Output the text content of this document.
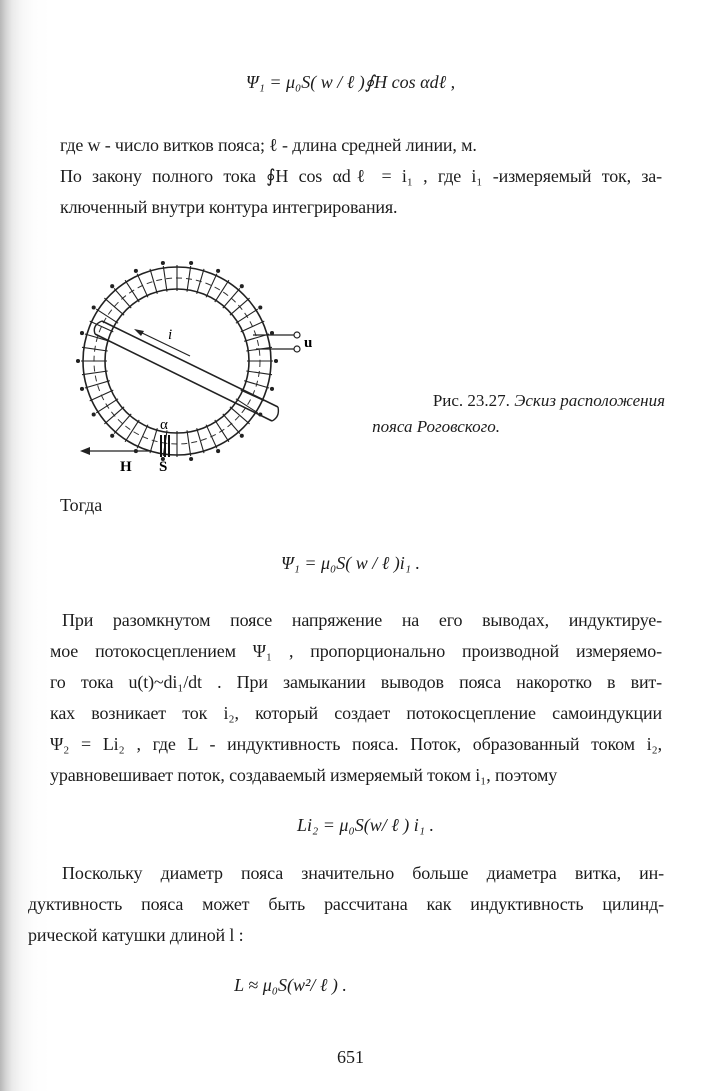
Ψ₁ = μ₀S( w / ℓ )∮H cos αdℓ ,
где w - число витков пояса; ℓ - длина средней линии, м.
По закону полного тока ∮H cos αdℓ = i₁ , где i₁ -измеряемый ток, за-
ключенный внутри контура интегрирования.
i	u
α
H S
Рис. 23.27. Эскиз расположения
пояса Роговского.
Тогда
Ψ₁ = μ₀S( w / ℓ )i₁ .
При разомкнутом поясе напряжение на его выводах, индуктируе-
мое потокосцеплением Ψ₁ , пропорционально производной измеряемо-
го тока u(t)~di₁/dt . При замыкании выводов пояса накоротко в вит-
ках возникает ток i₂, который создает потокосцепление самоиндукции
Ψ₂ = Li₂ , где L - индуктивность пояса. Поток, образованный током i₂,
уравновешивает поток, создаваемый измеряемый током i₁, поэтому
Li₂ = μ₀S(w/ ℓ ) i₁ .
Поскольку диаметр пояса значительно больше диаметра витка, ин-
дуктивность пояса может быть рассчитана как индуктивность цилинд-
рической катушки длиной l :
L ≈ μ₀S(w²/ ℓ ) .
651
